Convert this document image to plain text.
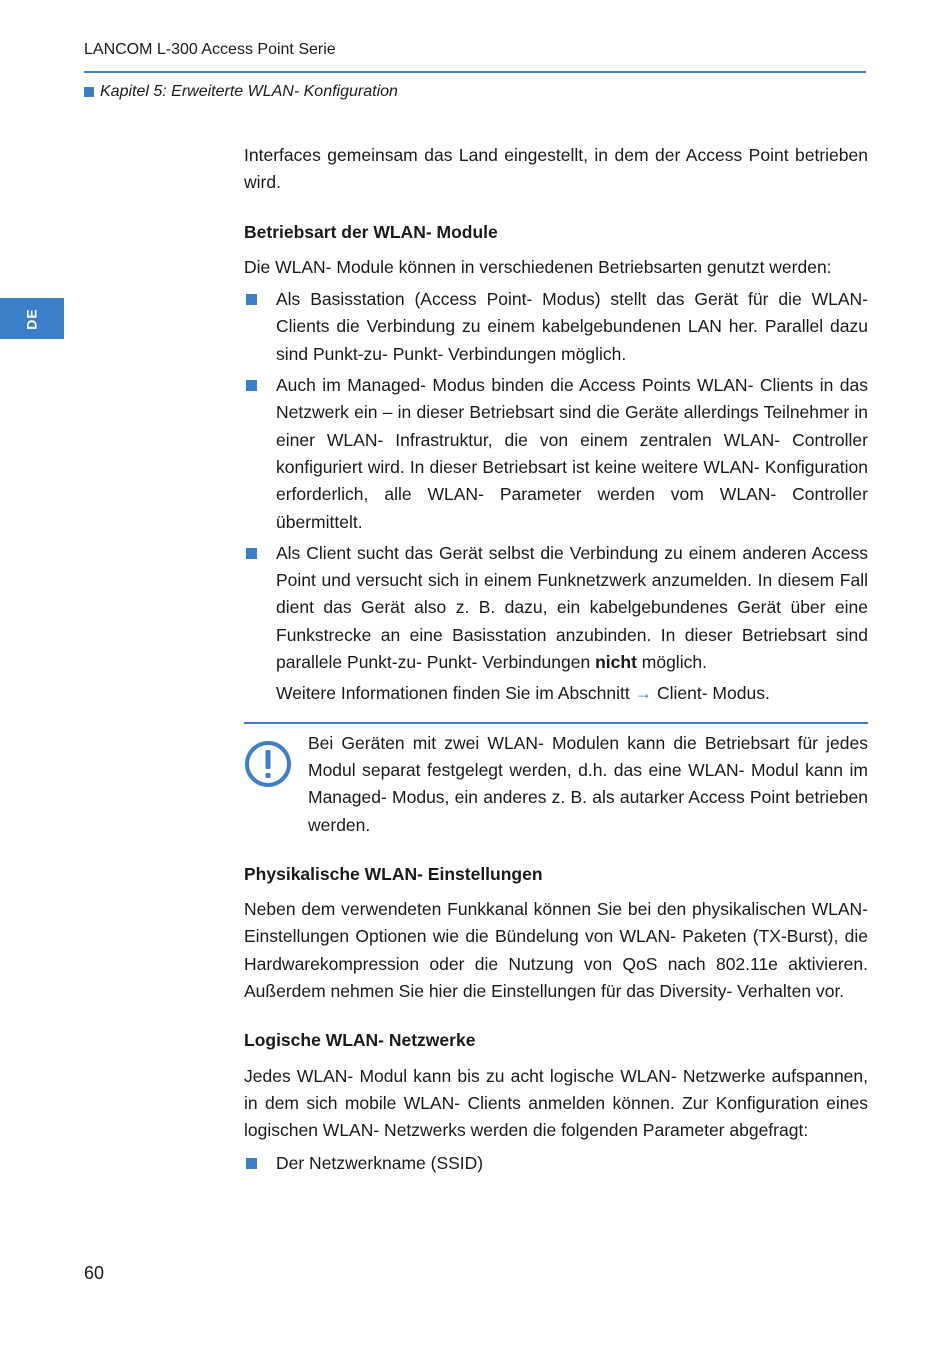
LANCOM L-300 Access Point Serie
Kapitel 5: Erweiterte WLAN- Konfiguration
DE

Interfaces gemeinsam das Land eingestellt, in dem der Access Point betrieben wird.

Betriebsart der WLAN- Module

Die WLAN- Module können in verschiedenen Betriebsarten genutzt werden:

Als Basisstation (Access Point- Modus) stellt das Gerät für die WLAN- Clients die Verbindung zu einem kabelgebundenen LAN her. Parallel dazu sind Punkt-zu- Punkt- Verbindungen möglich.
Auch im Managed- Modus binden die Access Points WLAN- Clients in das Netzwerk ein – in dieser Betriebsart sind die Geräte allerdings Teilnehmer in einer WLAN- Infrastruktur, die von einem zentralen WLAN- Controller konfiguriert wird. In dieser Betriebsart ist keine weitere WLAN- Konfiguration erforderlich, alle WLAN- Parameter werden vom WLAN- Controller übermittelt.
Als Client sucht das Gerät selbst die Verbindung zu einem anderen Access Point und versucht sich in einem Funknetzwerk anzumelden. In diesem Fall dient das Gerät also z. B. dazu, ein kabelgebundenes Gerät über eine Funkstrecke an eine Basisstation anzubinden. In dieser Betriebsart sind parallele Punkt-zu- Punkt- Verbindungen nicht möglich.

Weitere Informationen finden Sie im Abschnitt → Client- Modus.

Bei Geräten mit zwei WLAN- Modulen kann die Betriebsart für jedes Modul separat festgelegt werden, d.h. das eine WLAN- Modul kann im Managed- Modus, ein anderes z. B. als autarker Access Point betrieben werden.

Physikalische WLAN- Einstellungen

Neben dem verwendeten Funkkanal können Sie bei den physikalischen WLAN- Einstellungen Optionen wie die Bündelung von WLAN- Paketen (TX-Burst), die Hardwarekompression oder die Nutzung von QoS nach 802.11e aktivieren. Außerdem nehmen Sie hier die Einstellungen für das Diversity- Verhalten vor.

Logische WLAN- Netzwerke

Jedes WLAN- Modul kann bis zu acht logische WLAN- Netzwerke aufspannen, in dem sich mobile WLAN- Clients anmelden können. Zur Konfiguration eines logischen WLAN- Netzwerks werden die folgenden Parameter abgefragt:

Der Netzwerkname (SSID)
60
